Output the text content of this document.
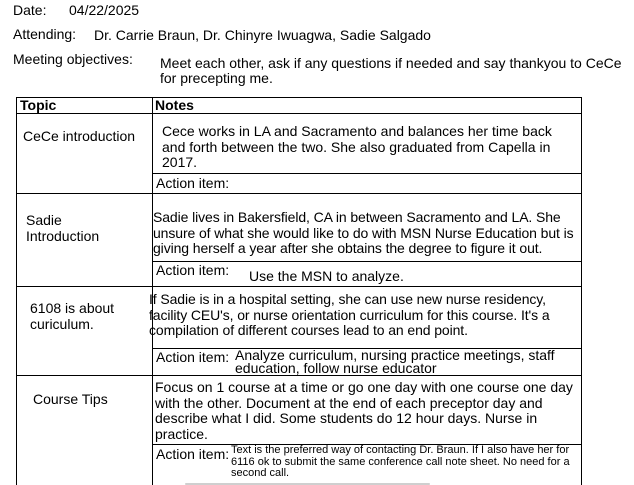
Date: 04/22/2025
Attending: Dr. Carrie Braun, Dr. Chinyre Iwuagwa, Sadie Salgado
Meeting objectives: Meet each other, ask if any questions if needed and say thankyou to CeCe for precepting me.
Topic	Notes
CeCe introduction	Cece works in LA and Sacramento and balances her time back and forth between the two. She also graduated from Capella in 2017.
Action item:
Sadie Introduction
Sadie lives in Bakersfield, CA in between Sacramento and LA. She unsure of what she would like to do with MSN Nurse Education but is giving herself a year after she obtains the degree to figure it out.
Action item: Use the MSN to analyze.
6108 is about curiculum.
If Sadie is in a hospital setting, she can use new nurse residency, facility CEU's, or nurse orientation curriculum for this course. It's a compilation of different courses lead to an end point.
Action item: Analyze curriculum, nursing practice meetings, staff education, follow nurse educator
Course Tips
Focus on 1 course at a time or go one day with one course one day with the other. Document at the end of each preceptor day and describe what I did. Some students do 12 hour days. Nurse in practice.
Action item: Text is the preferred way of contacting Dr. Braun. If I also have her for 6116 ok to submit the same conference call note sheet. No need for a second call.
